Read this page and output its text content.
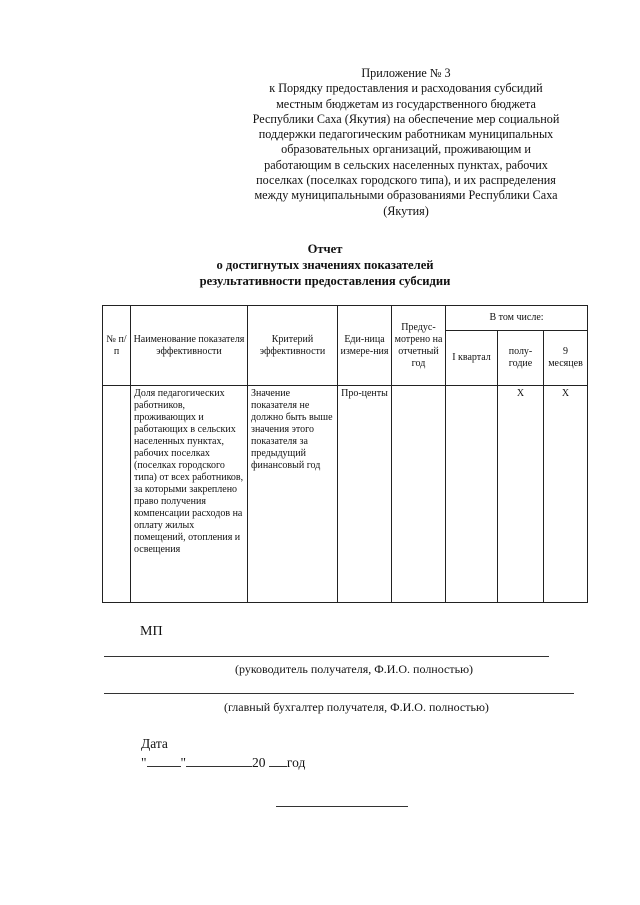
Приложение № 3
к Порядку предоставления и расходования субсидий
местным бюджетам из государственного бюджета
Республики Саха (Якутия) на обеспечение мер социальной
поддержки педагогическим работникам муниципальных
образовательных организаций, проживающим и
работающим в сельских населенных пунктах, рабочих
поселках (поселках городского типа), и их распределения
между муниципальными образованиями Республики Саха
(Якутия)
Отчет
о достигнутых значениях показателей
результативности предоставления субсидии
№ п/п	Наименование показателя эффективности	Критерий эффективности	Еди-ница измере-ния	Предус-мотрено на отчетный год	В том числе:		
					I квартал	полу-годие	9 месяцев
	Доля педагогических работников, проживающих и работающих в сельских населенных пунктах, рабочих поселках (поселках городского типа) от всех работников, за которыми закреплено право получения компенсации расходов на оплату жилых помещений, отопления и освещения	Значение показателя не должно быть выше значения этого показателя за предыдущий финансовый год	Про-центы			X	X
МП
(руководитель получателя, Ф.И.О. полностью)
(главный бухгалтер получателя, Ф.И.О. полностью)
Дата
"	"	20 год
